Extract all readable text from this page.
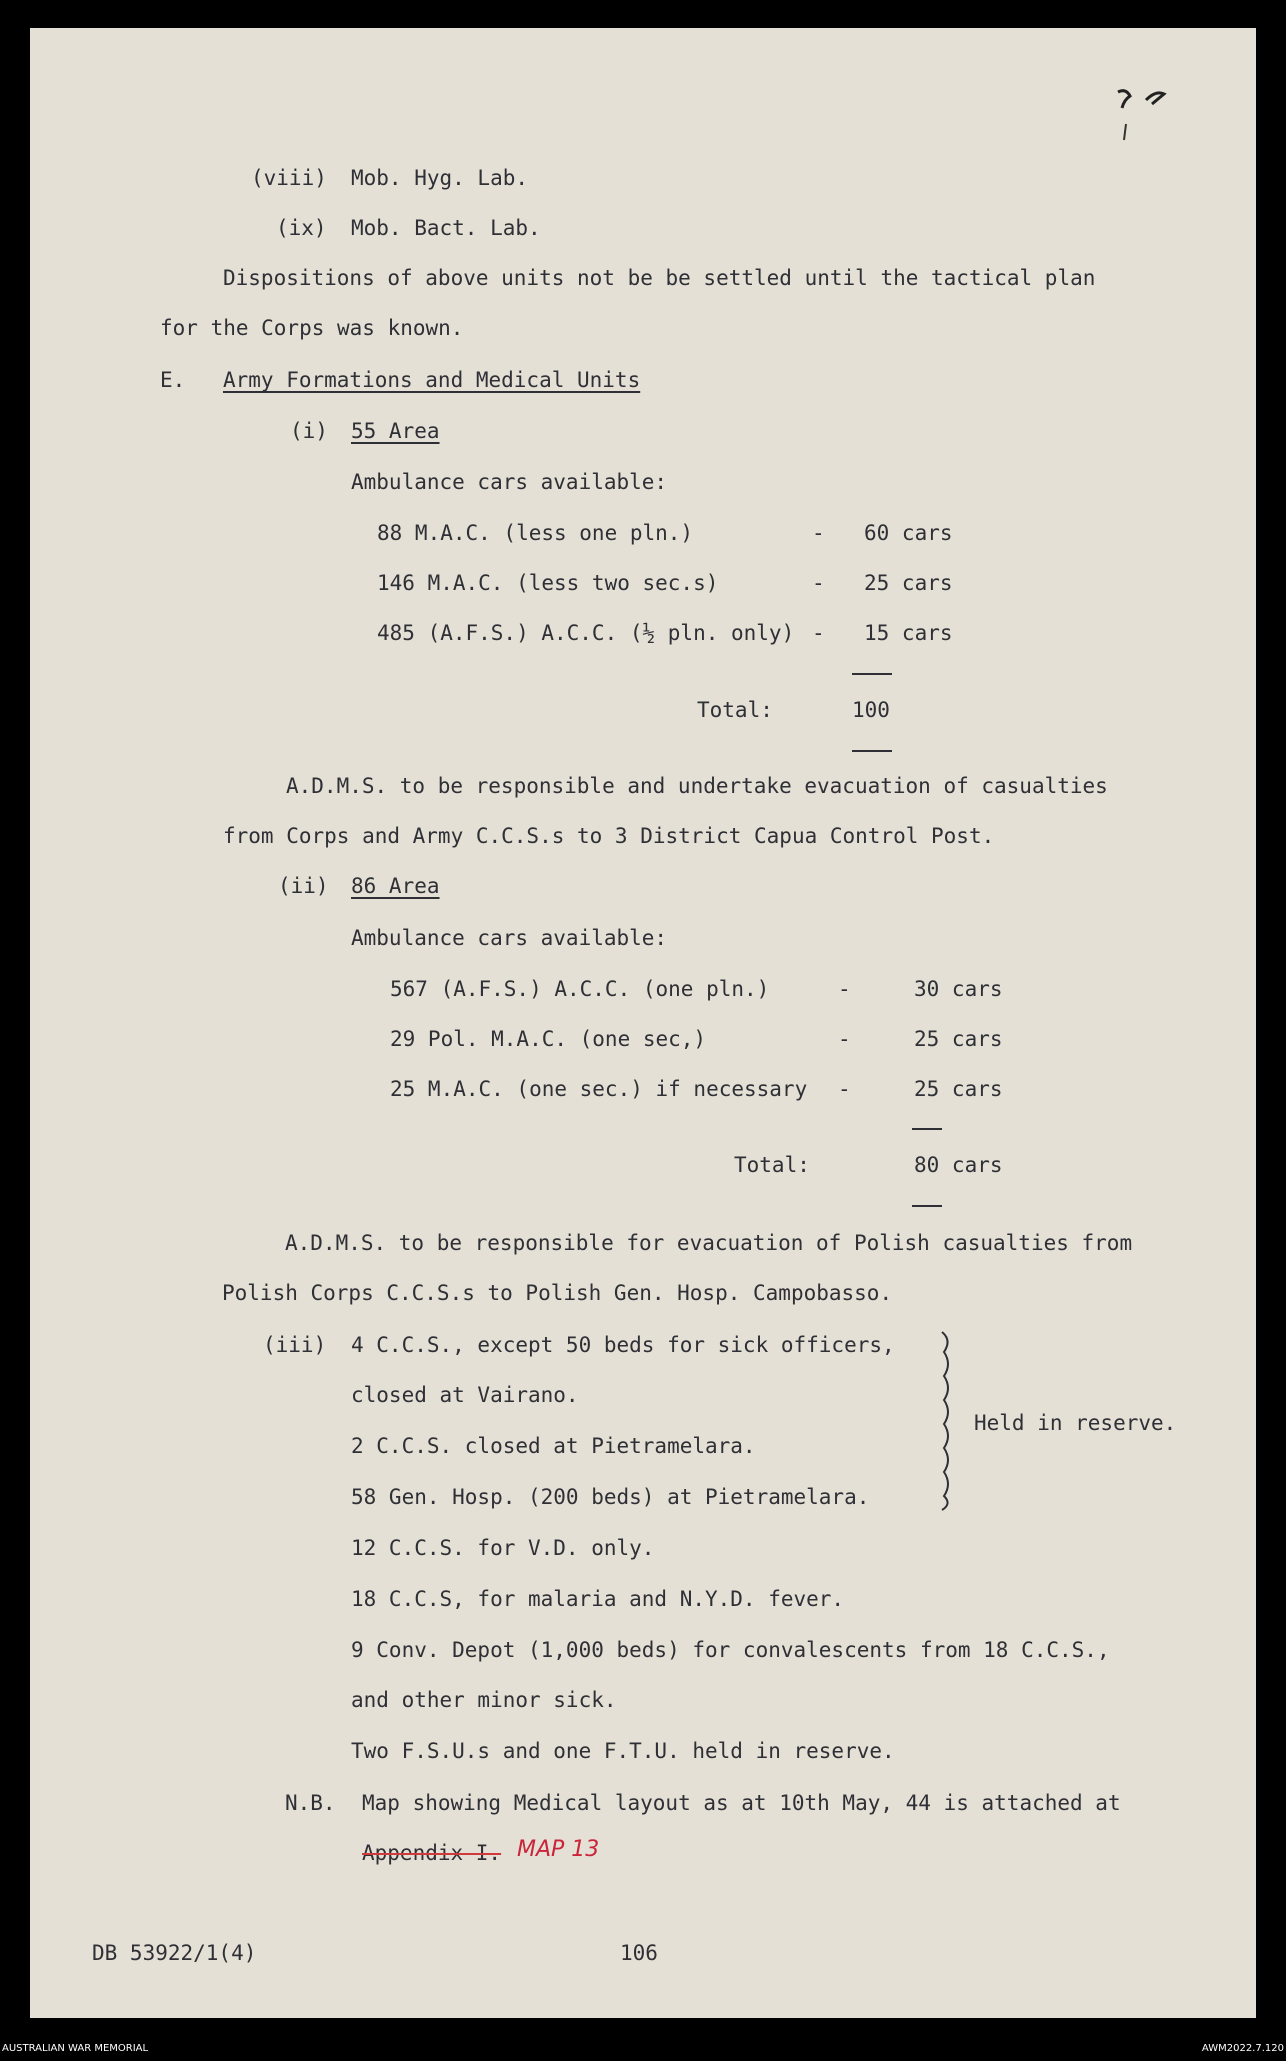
(viii) Mob. Hyg. Lab.
(ix) Mob. Bact. Lab.
Dispositions of above units not be be settled until the tactical plan
for the Corps was known.
E. Army Formations and Medical Units
(i) 55 Area
Ambulance cars available:
88 M.A.C. (less one pln.)	- 60 cars
146 M.A.C. (less two sec.s)	- 25 cars
485 (A.F.S.) A.C.C. (½ pln. only) - 15 cars
Total:	100
A.D.M.S. to be responsible and undertake evacuation of casualties
from Corps and Army C.C.S.s to 3 District Capua Control Post.
(ii) 86 Area
Ambulance cars available:
567 (A.F.S.) A.C.C. (one pln.)	-	30 cars
29 Pol. M.A.C. (one sec,)	-	25 cars
25 M.A.C. (one sec.) if necessary -	25 cars
Total:	80 cars
A.D.M.S. to be responsible for evacuation of Polish casualties from
Polish Corps C.C.S.s to Polish Gen. Hosp. Campobasso.
(iii) 4 C.C.S., except 50 beds for sick officers,
closed at Vairano.
2 C.C.S. closed at Pietramelara.
58 Gen. Hosp. (200 beds) at Pietramelara.
12 C.C.S. for V.D. only.
18 C.C.S, for malaria and N.Y.D. fever.
9 Conv. Depot (1,000 beds) for convalescents from 18 C.C.S.,
and other minor sick.
Two F.S.U.s and one F.T.U. held in reserve.
Held in reserve.
N.B. Map showing Medical layout as at 10th May, 44 is attached at
Appendix I. MAP 13
DB 53922/1(4)	106
AUSTRALIAN WAR MEMORIAL	AWM2022.7.120
